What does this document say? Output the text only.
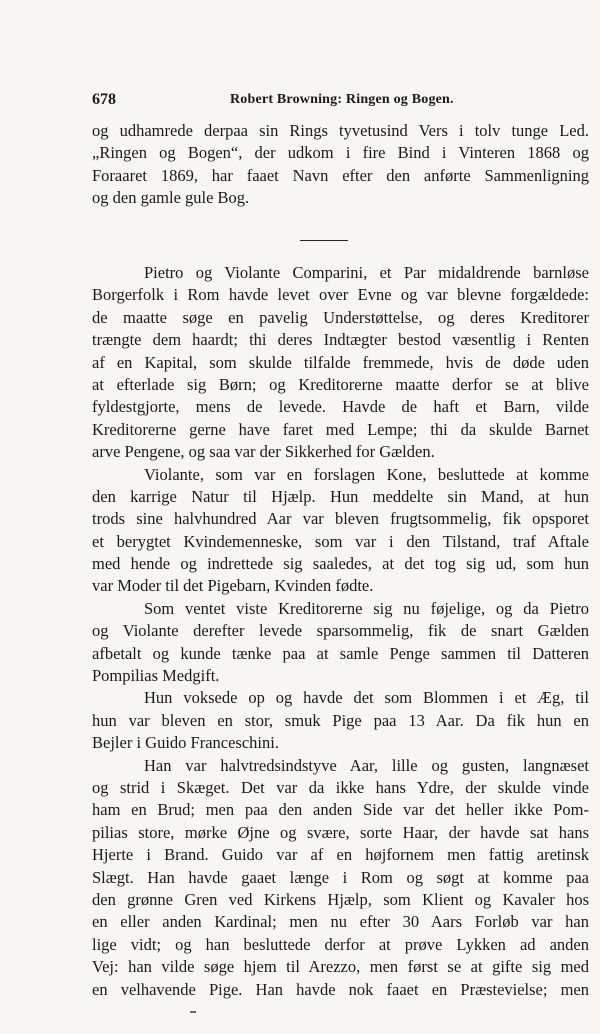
678	Robert Browning: Ringen og Bogen.
og udhamrede derpaa sin Rings tyvetusind Vers i tolv tunge Led.
„Ringen og Bogen“, der udkom i fire Bind i Vinteren 1868 og
Foraaret 1869, har faaet Navn efter den anførte Sammenligning
og den gamle gule Bog.
Pietro og Violante Comparini, et Par midaldrende barnløse
Borgerfolk i Rom havde levet over Evne og var blevne forgældede:
de maatte søge en pavelig Understøttelse, og deres Kreditorer
trængte dem haardt; thi deres Indtægter bestod væsentlig i Renten
af en Kapital, som skulde tilfalde fremmede, hvis de døde uden
at efterlade sig Børn; og Kreditorerne maatte derfor se at blive
fyldestgjorte, mens de levede. Havde de haft et Barn, vilde
Kreditorerne gerne have faret med Lempe; thi da skulde Barnet
arve Pengene, og saa var der Sikkerhed for Gælden.
Violante, som var en forslagen Kone, besluttede at komme
den karrige Natur til Hjælp. Hun meddelte sin Mand, at hun
trods sine halvhundred Aar var bleven frugtsommelig, fik opsporet
et berygtet Kvindemenneske, som var i den Tilstand, traf Aftale
med hende og indrettede sig saaledes, at det tog sig ud, som hun
var Moder til det Pigebarn, Kvinden fødte.
Som ventet viste Kreditorerne sig nu føjelige, og da Pietro
og Violante derefter levede sparsommelig, fik de snart Gælden
afbetalt og kunde tænke paa at samle Penge sammen til Datteren
Pompilias Medgift.
Hun voksede op og havde det som Blommen i et Æg, til
hun var bleven en stor, smuk Pige paa 13 Aar. Da fik hun en
Bejler i Guido Franceschini.
Han var halvtredsindstyve Aar, lille og gusten, langnæset
og strid i Skæget. Det var da ikke hans Ydre, der skulde vinde
ham en Brud; men paa den anden Side var det heller ikke Pom-
pilias store, mørke Øjne og svære, sorte Haar, der havde sat hans
Hjerte i Brand. Guido var af en højfornem men fattig aretinsk
Slægt. Han havde gaaet længe i Rom og søgt at komme paa
den grønne Gren ved Kirkens Hjælp, som Klient og Kavaler hos
en eller anden Kardinal; men nu efter 30 Aars Forløb var han
lige vidt; og han besluttede derfor at prøve Lykken ad anden
Vej: han vilde søge hjem til Arezzo, men først se at gifte sig med
en velhavende Pige. Han havde nok faaet en Præstevielse; men
